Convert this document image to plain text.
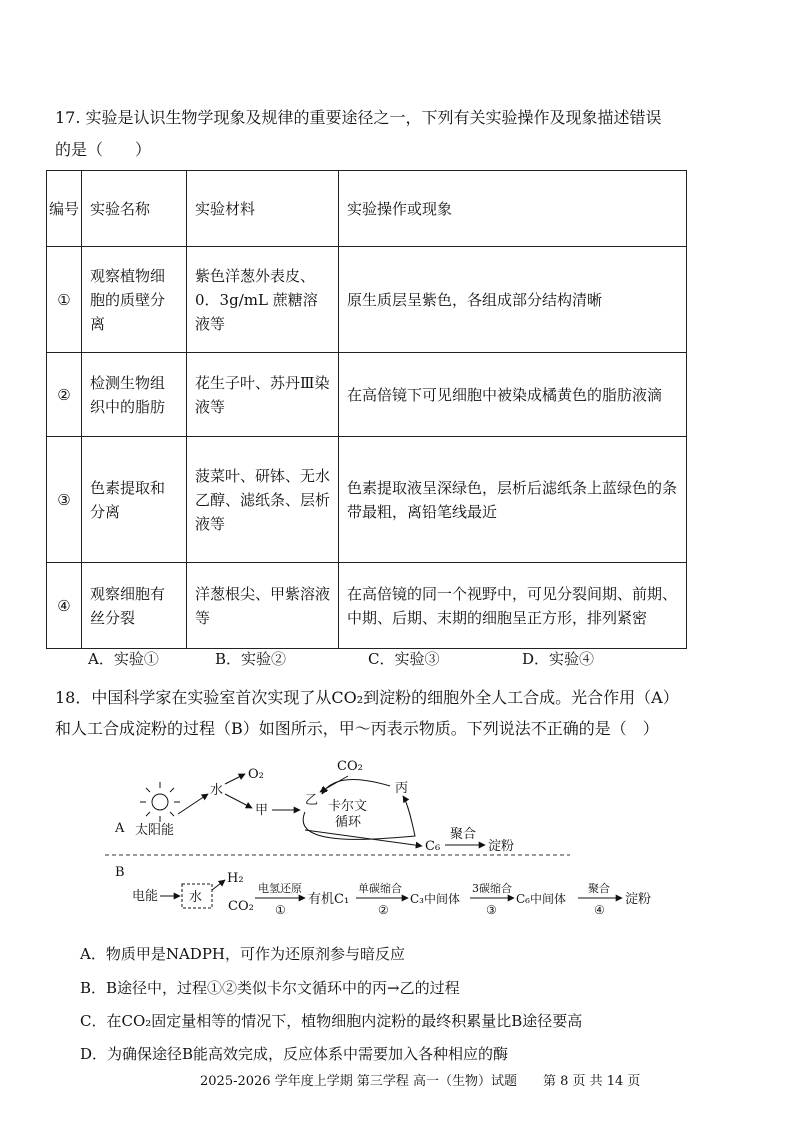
17. 实验是认识生物学现象及规律的重要途径之一，下列有关实验操作及现象描述错误
的是（　　）
编号	实验名称	实验材料	实验操作或现象
①	观察植物细胞的质壁分离	紫色洋葱外表皮、0．3g/mL 蔗糖溶液等	原生质层呈紫色，各组成部分结构清晰
②	检测生物组织中的脂肪	花生子叶、苏丹Ⅲ染液等	在高倍镜下可见细胞中被染成橘黄色的脂肪液滴
③	色素提取和分离	菠菜叶、研钵、无水乙醇、滤纸条、层析液等	色素提取液呈深绿色，层析后滤纸条上蓝绿色的条带最粗，离铅笔线最近
④	观察细胞有丝分裂	洋葱根尖、甲紫溶液等	在高倍镜的同一个视野中，可见分裂间期、前期、中期、后期、末期的细胞呈正方形，排列紧密
A．实验①	B．实验②	C．实验③	D．实验④
18．中国科学家在实验室首次实现了从CO₂到淀粉的细胞外全人工合成。光合作用（A）
和人工合成淀粉的过程（B）如图所示，甲～丙表示物质。下列说法不正确的是（　）
A 太阳能
水
O₂
甲
乙
CO₂
丙
卡尔文
循环
C₆
聚合
淀粉
B
电能 水
H₂
CO₂
电氢还原
①
有机C₁
单碳缩合
②
C₃中间体
3碳缩合
③
C₆中间体
聚合
④
淀粉
A．物质甲是NADPH，可作为还原剂参与暗反应
B．B途径中，过程①②类似卡尔文循环中的丙→乙的过程
C．在CO₂固定量相等的情况下，植物细胞内淀粉的最终积累量比B途径要高
D．为确保途径B能高效完成，反应体系中需要加入各种相应的酶
2025-2026 学年度上学期 第三学程 高一（生物）试题　　第 8 页 共 14 页
